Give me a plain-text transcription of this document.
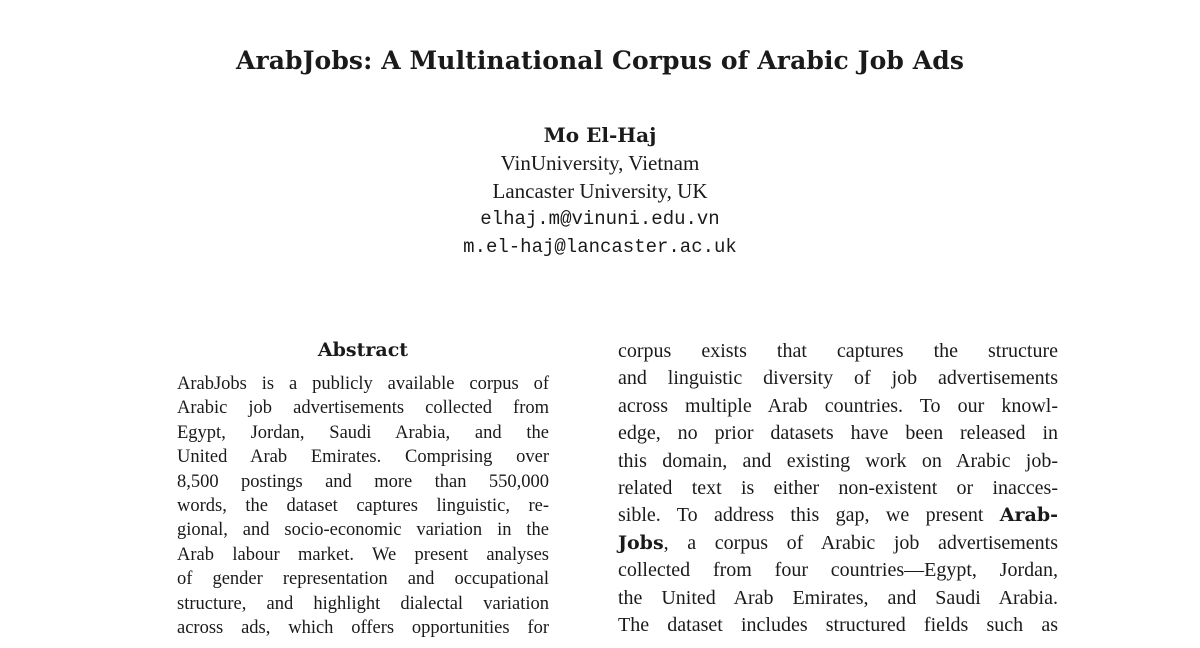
ArabJobs: A Multinational Corpus of Arabic Job Ads
Mo El-Haj
VinUniversity, Vietnam
Lancaster University, UK
elhaj.m@vinuni.edu.vn
m.el-haj@lancaster.ac.uk
Abstract
ArabJobs is a publicly available corpus of
Arabic job advertisements collected from
Egypt, Jordan, Saudi Arabia, and the
United Arab Emirates. Comprising over
8,500 postings and more than 550,000
words, the dataset captures linguistic, re-
gional, and socio-economic variation in the
Arab labour market. We present analyses
of gender representation and occupational
structure, and highlight dialectal variation
across ads, which offers opportunities for
corpus exists that captures the structure
and linguistic diversity of job advertisements
across multiple Arab countries. To our knowl-
edge, no prior datasets have been released in
this domain, and existing work on Arabic job-
related text is either non-existent or inacces-
sible. To address this gap, we present Arab-
Jobs, a corpus of Arabic job advertisements
collected from four countries—Egypt, Jordan,
the United Arab Emirates, and Saudi Arabia.
The dataset includes structured fields such as
